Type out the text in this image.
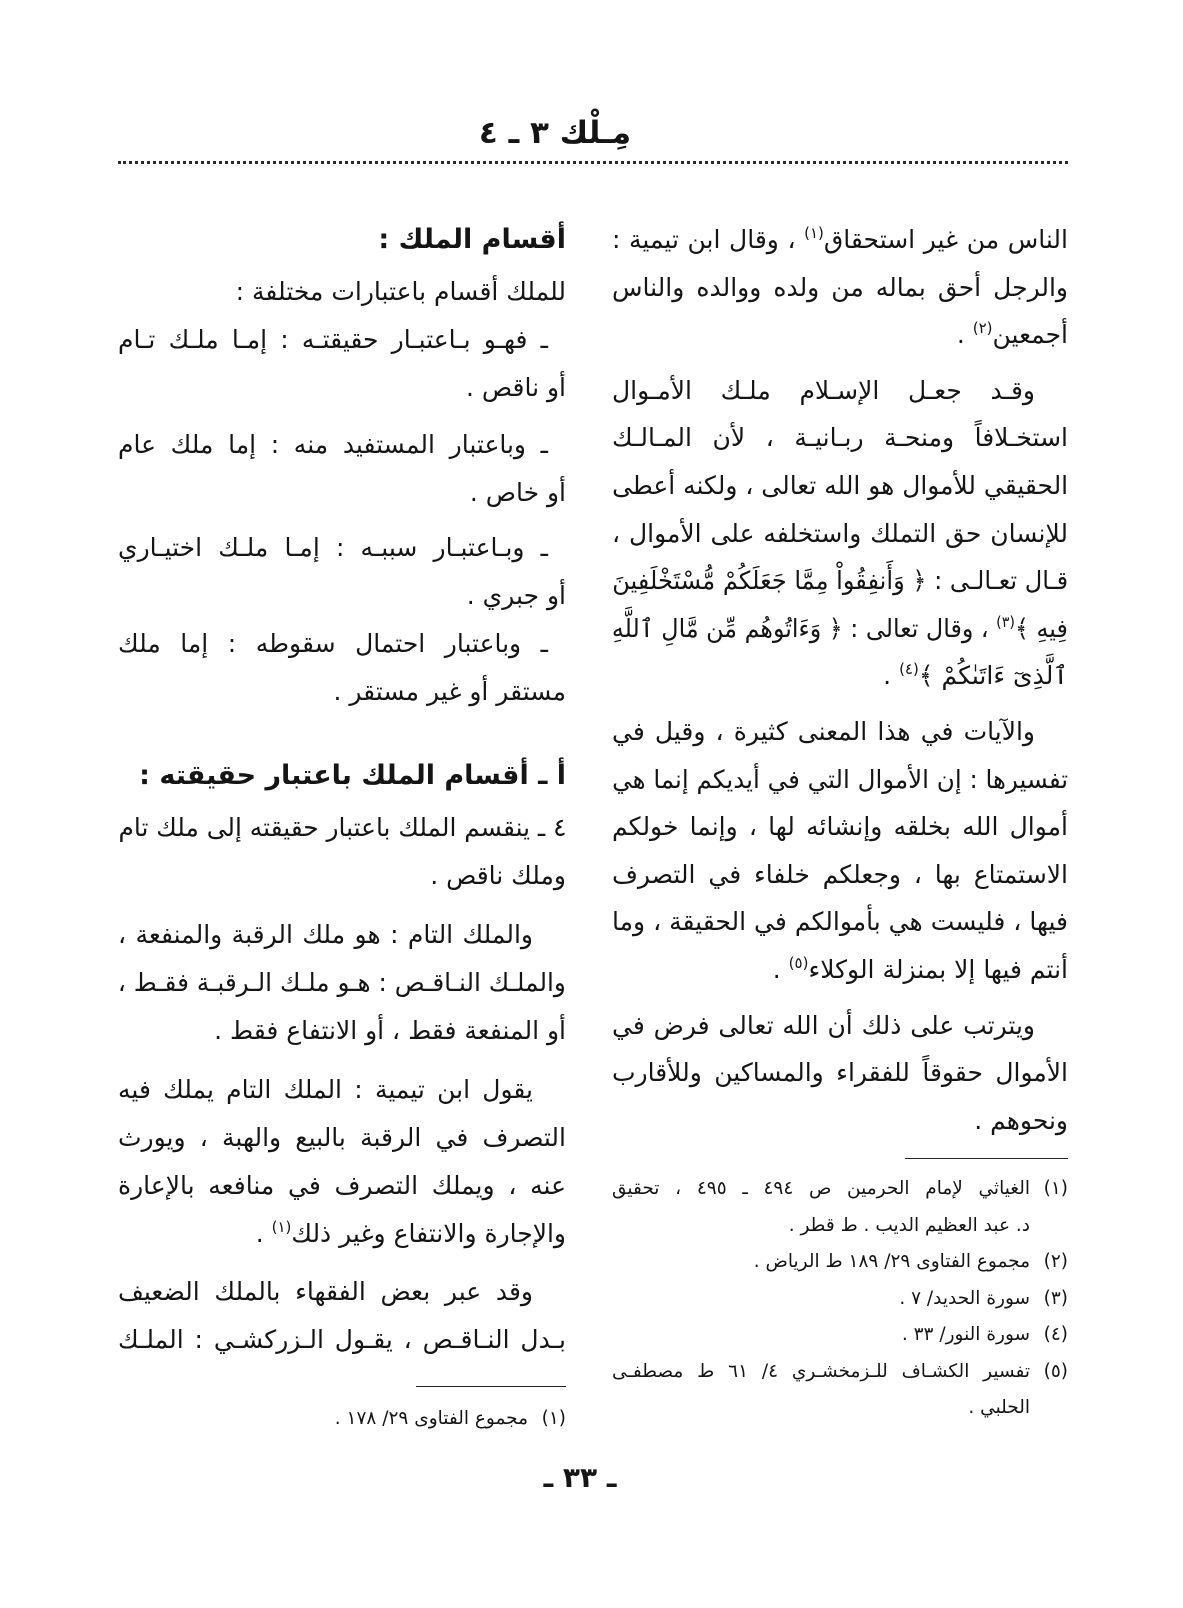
مِـلْك ٣ ـ ٤
الناس من غير استحقاق$^{(١)}$ ، وقال ابن تيمية :
والرجل أحق بماله من ولده ووالده والناس
أجمعين$^{(٢)}$ .
وقـد جعـل الإسـلام ملـك الأمـوال
استخـلافاً ومنحـة ربـانيـة ، لأن المـالـك
الحقيقي للأموال هو الله تعالى ، ولكنه أعطى
للإنسان حق التملك واستخلفه على الأموال ،
قـال تعـالـى : ﴿ وَأَنفِقُواْ مِمَّا جَعَلَكُمْ مُّسْتَخْلَفِينَ
فِيهِ ﴾$^{(٣)}$ ، وقال تعالى : ﴿ وَءَاتُوهُم مِّن مَّالِ ٱللَّهِ
ٱلَّذِىٓ ءَاتَىٰكُمْ ﴾$^{(٤)}$ .
والآيات في هذا المعنى كثيرة ، وقيل في
تفسيرها : إن الأموال التي في أيديكم إنما هي
أموال الله بخلقه وإنشائه لها ، وإنما خولكم
الاستمتاع بها ، وجعلكم خلفاء في التصرف
فيها ، فليست هي بأموالكم في الحقيقة ، وما
أنتم فيها إلا بمنزلة الوكلاء$^{(٥)}$ .
ويترتب على ذلك أن الله تعالى فرض في
الأموال حقوقاً للفقراء والمساكين وللأقارب
ونحوهم .
(١)الغياثي لإمام الحرمين ص ٤٩٤ ـ ٤٩٥ ، تحقيق
د. عبد العظيم الديب . ط قطر .
(٢)مجموع الفتاوى ٢٩/ ١٨٩ ط الرياض .
(٣)سورة الحديد/ ٧ .
(٤)سورة النور/ ٣٣ .
(٥)تفسير الكشـاف للـزمخشـري ٤/ ٦١ ط مصطفـى
الحلبي .
أقسام الملك :
للملك أقسام باعتبارات مختلفة :
ـ فهـو بـاعتبـار حقيقتـه : إمـا ملـك تـام
أو ناقص .
ـ وباعتبار المستفيد منه : إما ملك عام
أو خاص .
ـ وبـاعتبـار سببـه : إمـا ملـك اختيـاري
أو جبري .
ـ وباعتبار احتمال سقوطه : إما ملك
مستقر أو غير مستقر .
أ ـ أقسام الملك باعتبار حقيقته :
٤ ـ ينقسم الملك باعتبار حقيقته إلى ملك تام
وملك ناقص .
والملك التام : هو ملك الرقبة والمنفعة ،
والملـك النـاقـص : هـو ملـك الـرقبـة فقـط ،
أو المنفعة فقط ، أو الانتفاع فقط .
يقول ابن تيمية : الملك التام يملك فيه
التصرف في الرقبة بالبيع والهبة ، ويورث
عنه ، ويملك التصرف في منافعه بالإعارة
والإجارة والانتفاع وغير ذلك$^{(١)}$ .
وقد عبر بعض الفقهاء بالملك الضعيف
بـدل النـاقـص ، يقـول الـزركشـي : الملـك
(١)مجموع الفتاوى ٢٩/ ١٧٨ .
ـ ٣٣ ـ
